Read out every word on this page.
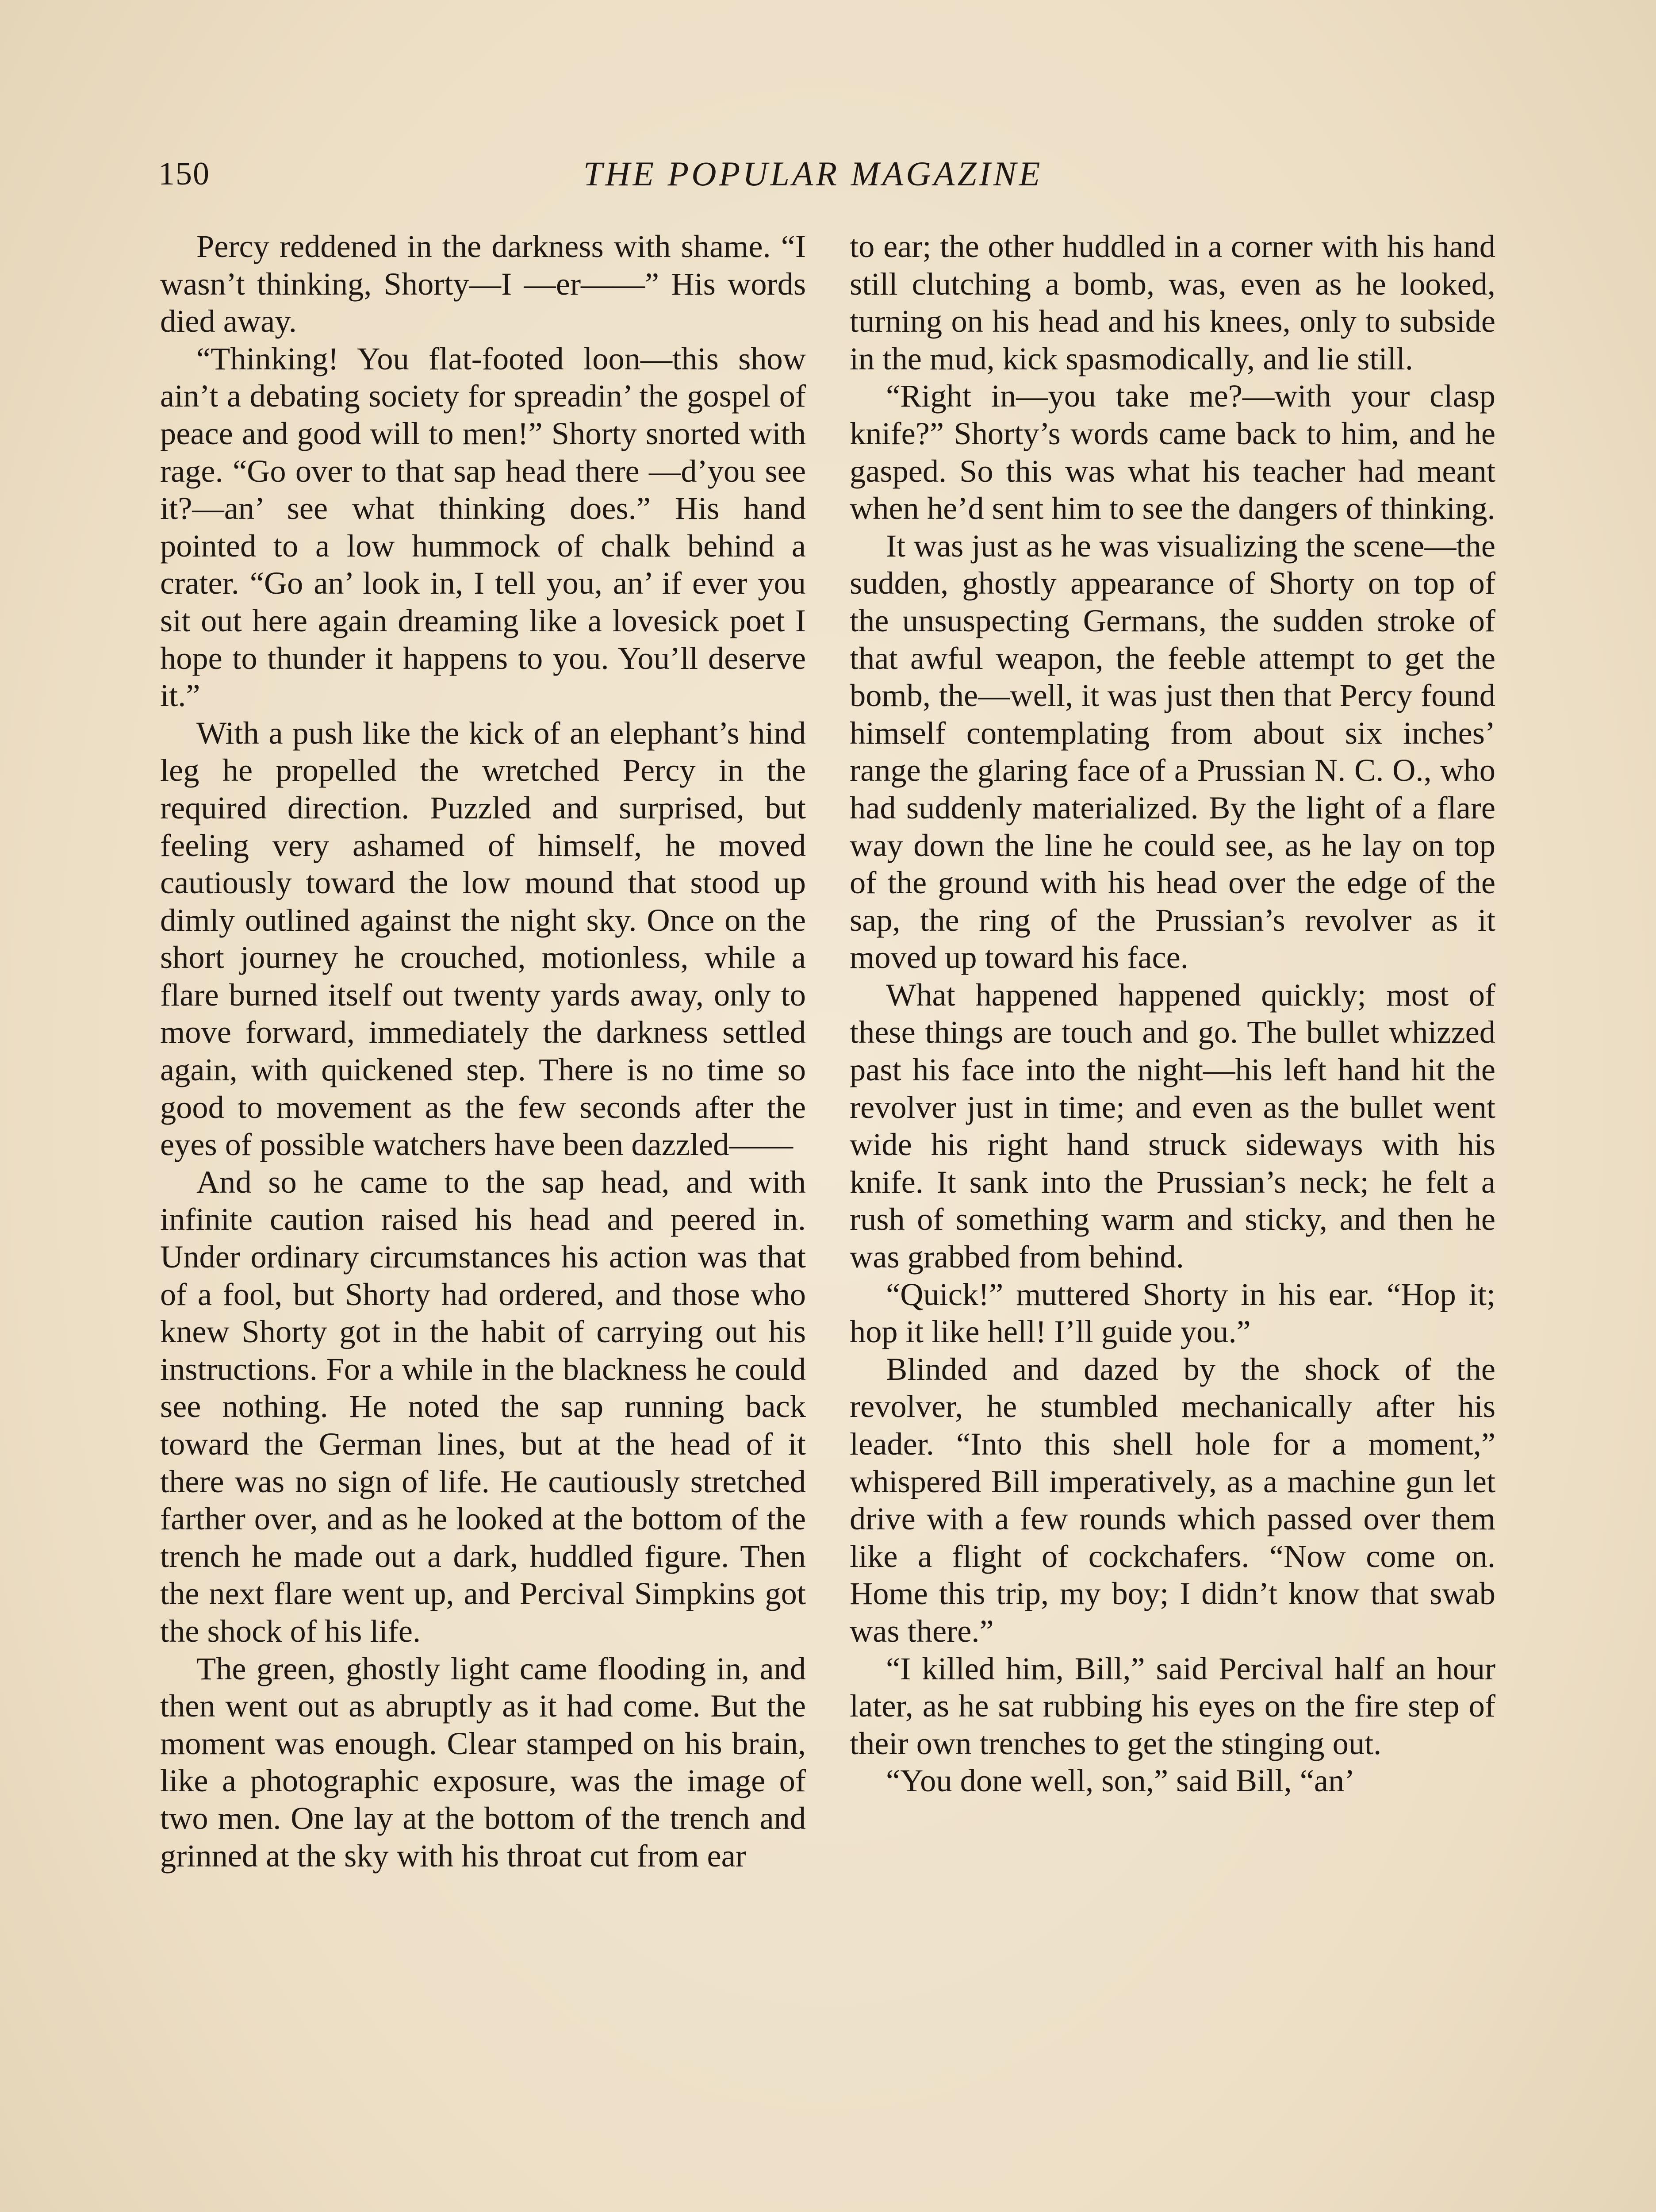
150	THE POPULAR MAGAZINE

Percy reddened in the darkness with shame. “I wasn’t thinking, Shorty—I —er——” His words died away.

“Thinking! You flat-footed loon—this show ain’t a debating society for spreadin’ the gospel of peace and good will to men!” Shorty snorted with rage. “Go over to that sap head there —d’you see it?—an’ see what thinking does.” His hand pointed to a low hummock of chalk behind a crater. “Go an’ look in, I tell you, an’ if ever you sit out here again dreaming like a lovesick poet I hope to thunder it happens to you. You’ll deserve it.”

With a push like the kick of an elephant’s hind leg he propelled the wretched Percy in the required direction. Puzzled and surprised, but feeling very ashamed of himself, he moved cautiously toward the low mound that stood up dimly outlined against the night sky. Once on the short journey he crouched, motionless, while a flare burned itself out twenty yards away, only to move forward, immediately the darkness settled again, with quickened step. There is no time so good to movement as the few seconds after the eyes of possible watchers have been dazzled——

And so he came to the sap head, and with infinite caution raised his head and peered in. Under ordinary circumstances his action was that of a fool, but Shorty had ordered, and those who knew Shorty got in the habit of carrying out his instructions. For a while in the blackness he could see nothing. He noted the sap running back toward the German lines, but at the head of it there was no sign of life. He cautiously stretched farther over, and as he looked at the bottom of the trench he made out a dark, huddled figure. Then the next flare went up, and Percival Simpkins got the shock of his life.

The green, ghostly light came flooding in, and then went out as abruptly as it had come. But the moment was enough. Clear stamped on his brain, like a photographic exposure, was the image of two men. One lay at the bottom of the trench and grinned at the sky with his throat cut from ear

to ear; the other huddled in a corner with his hand still clutching a bomb, was, even as he looked, turning on his head and his knees, only to subside in the mud, kick spasmodically, and lie still.

“Right in—you take me?—with your clasp knife?” Shorty’s words came back to him, and he gasped. So this was what his teacher had meant when he’d sent him to see the dangers of thinking.

It was just as he was visualizing the scene—the sudden, ghostly appearance of Shorty on top of the unsuspecting Germans, the sudden stroke of that awful weapon, the feeble attempt to get the bomb, the—well, it was just then that Percy found himself contemplating from about six inches’ range the glaring face of a Prussian N. C. O., who had suddenly materialized. By the light of a flare way down the line he could see, as he lay on top of the ground with his head over the edge of the sap, the ring of the Prussian’s revolver as it moved up toward his face.

What happened happened quickly; most of these things are touch and go. The bullet whizzed past his face into the night—his left hand hit the revolver just in time; and even as the bullet went wide his right hand struck sideways with his knife. It sank into the Prussian’s neck; he felt a rush of something warm and sticky, and then he was grabbed from behind.

“Quick!” muttered Shorty in his ear. “Hop it; hop it like hell! I’ll guide you.”

Blinded and dazed by the shock of the revolver, he stumbled mechanically after his leader. “Into this shell hole for a moment,” whispered Bill imperatively, as a machine gun let drive with a few rounds which passed over them like a flight of cockchafers. “Now come on. Home this trip, my boy; I didn’t know that swab was there.”

“I killed him, Bill,” said Percival half an hour later, as he sat rubbing his eyes on the fire step of their own trenches to get the stinging out.

“You done well, son,” said Bill, “an’
